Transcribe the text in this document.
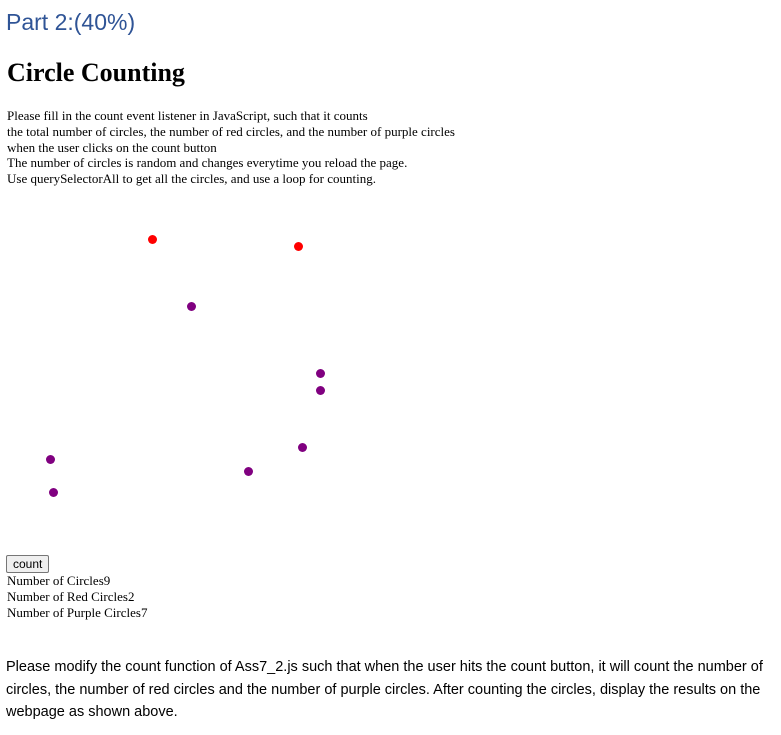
Part 2:(40%)
Circle Counting
Please fill in the count event listener in JavaScript, such that it counts
the total number of circles, the number of red circles, and the number of purple circles
when the user clicks on the count button
The number of circles is random and changes everytime you reload the page.
Use querySelectorAll to get all the circles, and use a loop for counting.
count
Number of Circles9
Number of Red Circles2
Number of Purple Circles7

Please modify the count function of Ass7_2.js such that when the user hits the count button, it will count the number of circles, the number of red circles and the number of purple circles. After counting the circles, display the results on the webpage as shown above.
